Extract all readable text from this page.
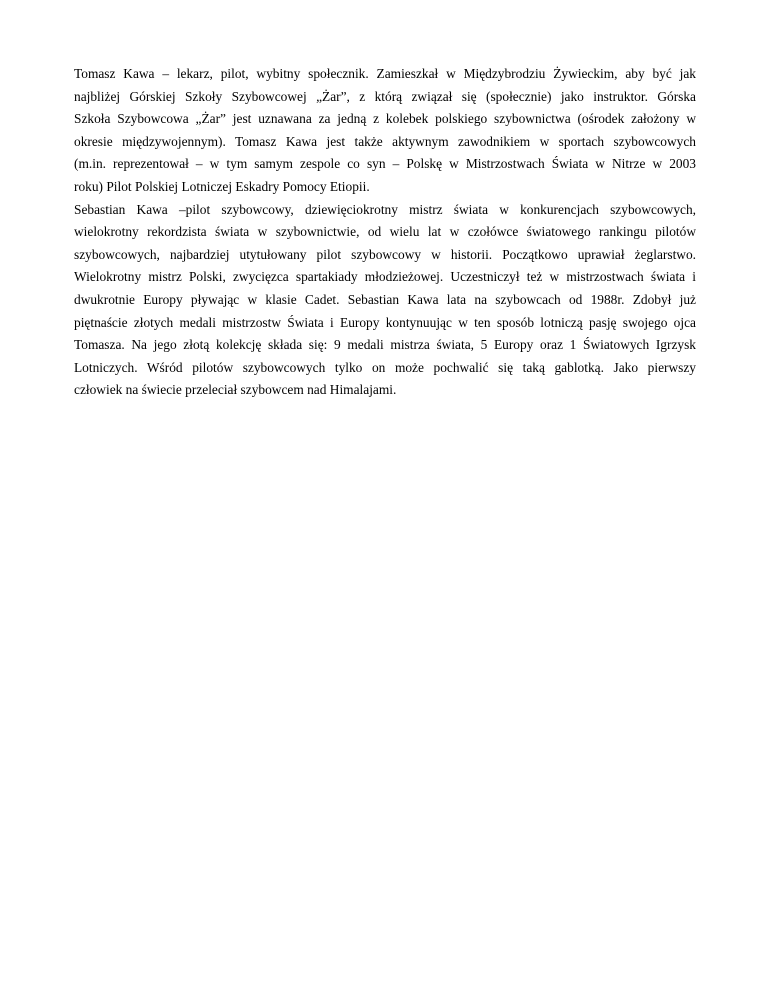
Tomasz Kawa – lekarz, pilot, wybitny społecznik. Zamieszkał w Międzybrodziu Żywieckim, aby być jak
najbliżej Górskiej Szkoły Szybowcowej „Żar”, z którą związał się (społecznie) jako instruktor. Górska
Szkoła Szybowcowa „Żar” jest uznawana za jedną z kolebek polskiego szybownictwa (ośrodek założony w
okresie międzywojennym). Tomasz Kawa jest także aktywnym zawodnikiem w sportach szybowcowych
(m.in. reprezentował – w tym samym zespole co syn – Polskę w Mistrzostwach Świata w Nitrze w 2003
roku) Pilot Polskiej Lotniczej Eskadry Pomocy Etiopii.

Sebastian Kawa –pilot szybowcowy, dziewięciokrotny mistrz świata w konkurencjach szybowcowych,
wielokrotny rekordzista świata w szybownictwie, od wielu lat w czołówce światowego rankingu pilotów
szybowcowych, najbardziej utytułowany pilot szybowcowy w historii. Początkowo uprawiał żeglarstwo.
Wielokrotny mistrz Polski, zwycięzca spartakiady młodzieżowej. Uczestniczył też w mistrzostwach świata i
dwukrotnie Europy pływając w klasie Cadet. Sebastian Kawa lata na szybowcach od 1988r. Zdobył już
piętnaście złotych medali mistrzostw Świata i Europy kontynuując w ten sposób lotniczą pasję swojego ojca
Tomasza. Na jego złotą kolekcję składa się: 9 medali mistrza świata, 5 Europy oraz 1 Światowych Igrzysk
Lotniczych. Wśród pilotów szybowcowych tylko on może pochwalić się taką gablotką. Jako pierwszy
człowiek na świecie przeleciał szybowcem nad Himalajami.
